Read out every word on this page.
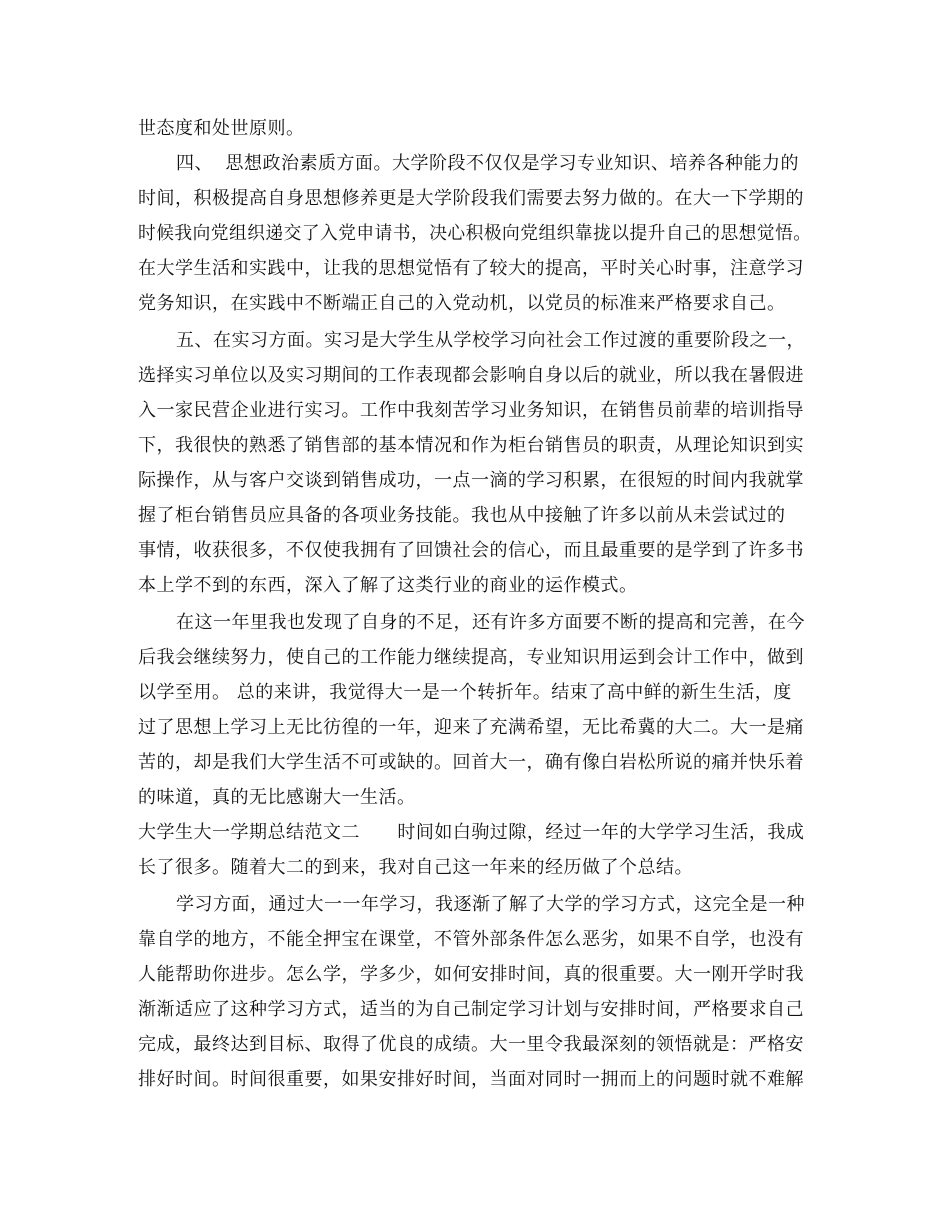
世态度和处世原则。
四、  思想政治素质方面。大学阶段不仅仅是学习专业知识、培养各种能力的
时间，积极提高自身思想修养更是大学阶段我们需要去努力做的。在大一下学期的
时候我向党组织递交了入党申请书，决心积极向党组织靠拢以提升自己的思想觉悟。
在大学生活和实践中，让我的思想觉悟有了较大的提高，平时关心时事，注意学习
党务知识，在实践中不断端正自己的入党动机，以党员的标准来严格要求自己。
五、在实习方面。实习是大学生从学校学习向社会工作过渡的重要阶段之一，
选择实习单位以及实习期间的工作表现都会影响自身以后的就业，所以我在暑假进
入一家民营企业进行实习。工作中我刻苦学习业务知识，在销售员前辈的培训指导
下，我很快的熟悉了销售部的基本情况和作为柜台销售员的职责，从理论知识到实
际操作，从与客户交谈到销售成功，一点一滴的学习积累，在很短的时间内我就掌
握了柜台销售员应具备的各项业务技能。我也从中接触了许多以前从未尝试过的
事情，收获很多，不仅使我拥有了回馈社会的信心，而且最重要的是学到了许多书
本上学不到的东西，深入了解了这类行业的商业的运作模式。
在这一年里我也发现了自身的不足，还有许多方面要不断的提高和完善，在今
后我会继续努力，使自己的工作能力继续提高，专业知识用运到会计工作中，做到
以学至用。 总的来讲，我觉得大一是一个转折年。结束了高中鲜的新生生活，度
过了思想上学习上无比彷徨的一年，迎来了充满希望，无比希冀的大二。大一是痛
苦的，却是我们大学生活不可或缺的。回首大一，确有像白岩松所说的痛并快乐着
的味道，真的无比感谢大一生活。
大学生大一学期总结范文二      时间如白驹过隙，经过一年的大学学习生活，我成
长了很多。随着大二的到来，我对自己这一年来的经历做了个总结。
学习方面，通过大一一年学习，我逐渐了解了大学的学习方式，这完全是一种
靠自学的地方，不能全押宝在课堂，不管外部条件怎么恶劣，如果不自学，也没有
人能帮助你进步。怎么学，学多少，如何安排时间，真的很重要。大一刚开学时我
渐渐适应了这种学习方式，适当的为自己制定学习计划与安排时间，严格要求自己
完成，最终达到目标、取得了优良的成绩。大一里令我最深刻的领悟就是：严格安
排好时间。时间很重要，如果安排好时间，当面对同时一拥而上的问题时就不难解
